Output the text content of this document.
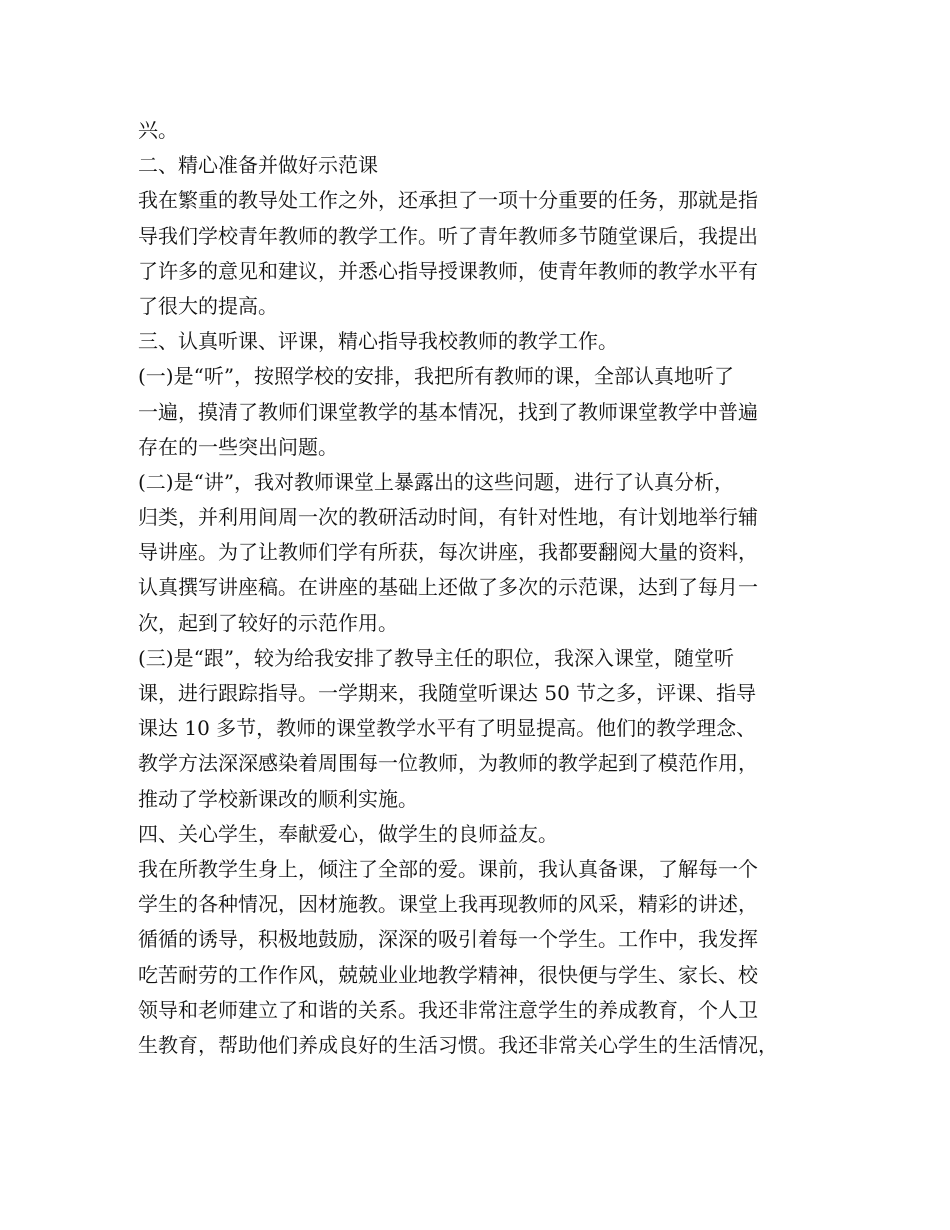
兴。
二、精心准备并做好示范课
我在繁重的教导处工作之外，还承担了一项十分重要的任务，那就是指
导我们学校青年教师的教学工作。听了青年教师多节随堂课后，我提出
了许多的意见和建议，并悉心指导授课教师，使青年教师的教学水平有
了很大的提高。
三、认真听课、评课，精心指导我校教师的教学工作。
(一)是“听”，按照学校的安排，我把所有教师的课，全部认真地听了
一遍，摸清了教师们课堂教学的基本情况，找到了教师课堂教学中普遍
存在的一些突出问题。
(二)是“讲”，我对教师课堂上暴露出的这些问题，进行了认真分析，
归类，并利用间周一次的教研活动时间，有针对性地，有计划地举行辅
导讲座。为了让教师们学有所获，每次讲座，我都要翻阅大量的资料，
认真撰写讲座稿。在讲座的基础上还做了多次的示范课，达到了每月一
次，起到了较好的示范作用。
(三)是“跟”，较为给我安排了教导主任的职位，我深入课堂，随堂听
课，进行跟踪指导。一学期来，我随堂听课达 50 节之多，评课、指导
课达 10 多节，教师的课堂教学水平有了明显提高。他们的教学理念、
教学方法深深感染着周围每一位教师，为教师的教学起到了模范作用，
推动了学校新课改的顺利实施。
四、关心学生，奉献爱心，做学生的良师益友。
我在所教学生身上，倾注了全部的爱。课前，我认真备课，了解每一个
学生的各种情况，因材施教。课堂上我再现教师的风采，精彩的讲述，
循循的诱导，积极地鼓励，深深的吸引着每一个学生。工作中，我发挥
吃苦耐劳的工作作风，兢兢业业地教学精神，很快便与学生、家长、校
领导和老师建立了和谐的关系。我还非常注意学生的养成教育，个人卫
生教育，帮助他们养成良好的生活习惯。我还非常关心学生的生活情况，
